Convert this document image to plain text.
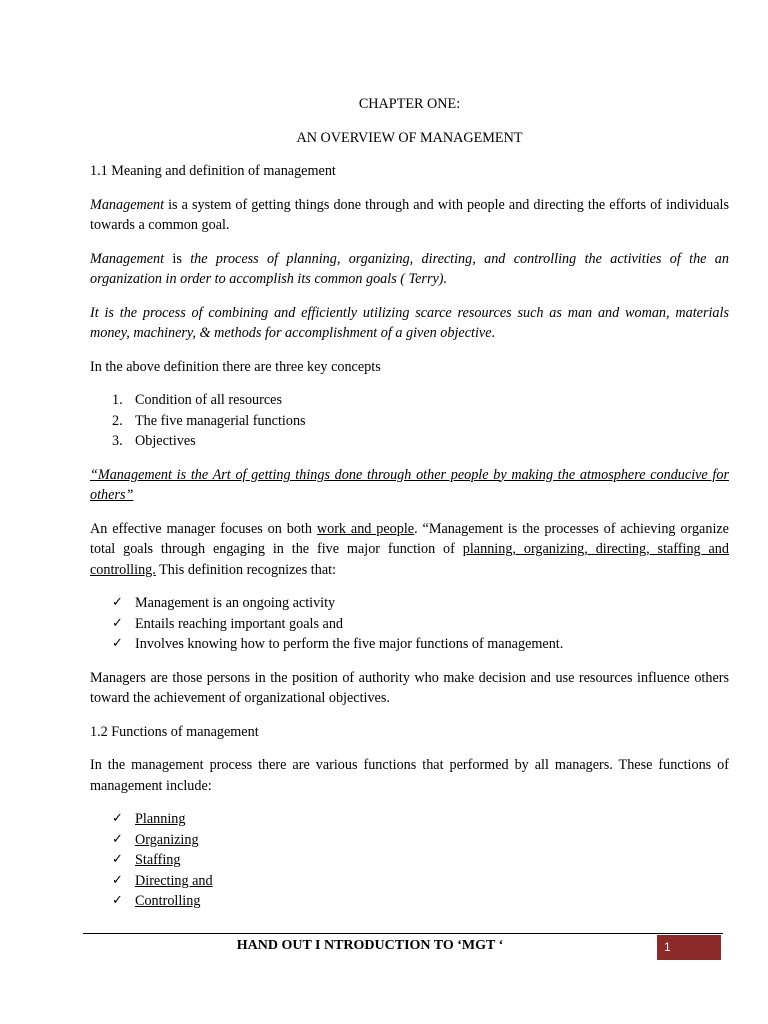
CHAPTER ONE:

AN OVERVIEW OF MANAGEMENT

1.1 Meaning and definition of management

Management is a system of getting things done through and with people and directing the efforts of individuals towards a common goal.

Management is the process of planning, organizing, directing, and controlling the activities of the an organization in order to accomplish its common goals ( Terry).

It is the process of combining and efficiently utilizing scarce resources such as man and woman, materials money, machinery, & methods for accomplishment of a given objective.

In the above definition there are three key concepts

1. Condition of all resources
2. The five managerial functions
3. Objectives

“Management is the Art of getting things done through other people by making the atmosphere conducive for others”

An effective manager focuses on both work and people. “Management is the processes of achieving organize total goals through engaging in the five major function of planning, organizing, directing, staffing and controlling. This definition recognizes that:

✓ Management is an ongoing activity
✓ Entails reaching important goals and
✓ Involves knowing how to perform the five major functions of management.

Managers are those persons in the position of authority who make decision and use resources influence others toward the achievement of organizational objectives.

1.2 Functions of management

In the management process there are various functions that performed by all managers. These functions of management include:

✓ Planning
✓ Organizing
✓ Staffing
✓ Directing and
✓ Controlling
HAND OUT I NTRODUCTION TO ‘MGT ‘	1
